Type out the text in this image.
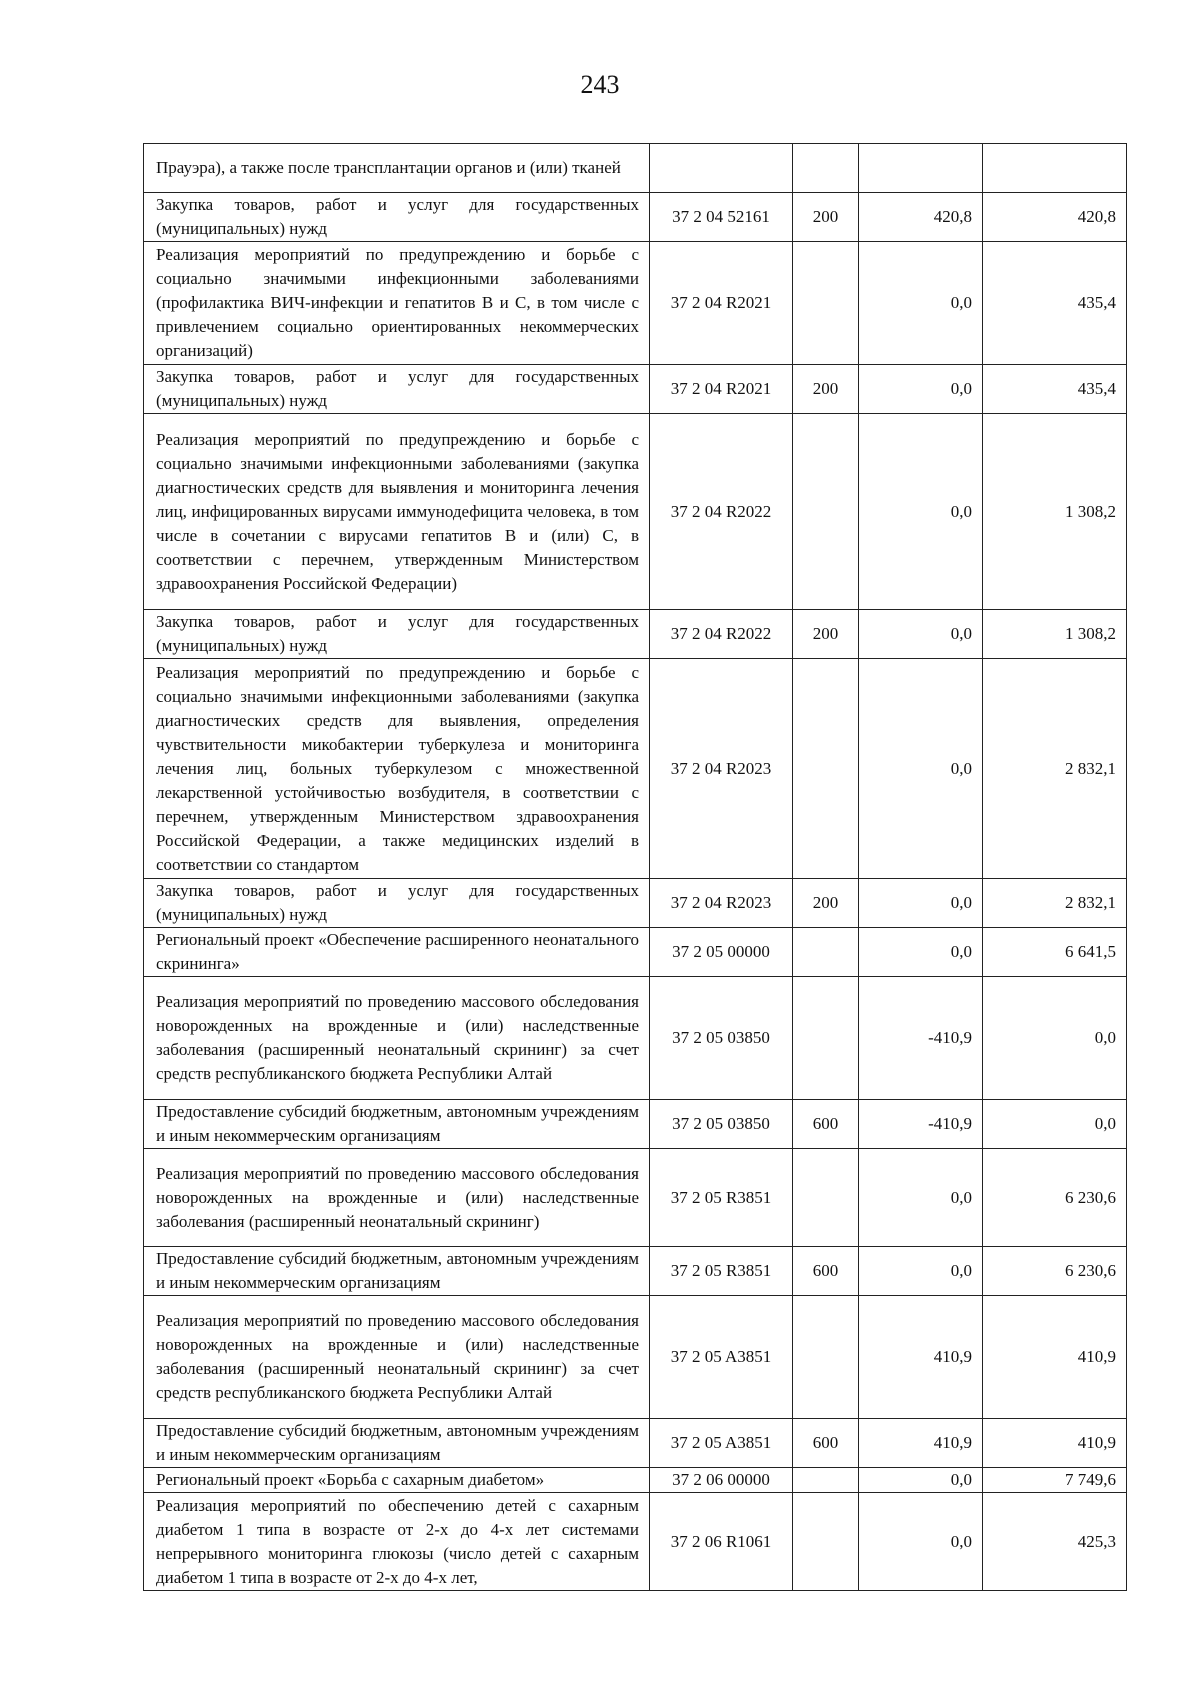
243
Прауэра), а также после трансплантации органов и (или) тканей				
Закупка товаров, работ и услуг для государственных (муниципальных) нужд	37 2 04 52161	200	420,8	420,8
Реализация мероприятий по предупреждению и борьбе с социально значимыми инфекционными заболеваниями (профилактика ВИЧ-инфекции и гепатитов В и С, в том числе с привлечением социально ориентированных некоммерческих организаций)	37 2 04 R2021		0,0	435,4
Закупка товаров, работ и услуг для государственных (муниципальных) нужд	37 2 04 R2021	200	0,0	435,4
Реализация мероприятий по предупреждению и борьбе с социально значимыми инфекционными заболеваниями (закупка диагностических средств для выявления и мониторинга лечения лиц, инфицированных вирусами иммунодефицита человека, в том числе в сочетании с вирусами гепатитов В и (или) С, в соответствии с перечнем, утвержденным Министерством здравоохранения Российской Федерации)	37 2 04 R2022		0,0	1 308,2
Закупка товаров, работ и услуг для государственных (муниципальных) нужд	37 2 04 R2022	200	0,0	1 308,2
Реализация мероприятий по предупреждению и борьбе с социально значимыми инфекционными заболеваниями (закупка диагностических средств для выявления, определения чувствительности микобактерии туберкулеза и мониторинга лечения лиц, больных туберкулезом с множественной лекарственной устойчивостью возбудителя, в соответствии с перечнем, утвержденным Министерством здравоохранения Российской Федерации, а также медицинских изделий в соответствии со стандартом	37 2 04 R2023		0,0	2 832,1
Закупка товаров, работ и услуг для государственных (муниципальных) нужд	37 2 04 R2023	200	0,0	2 832,1
Региональный проект «Обеспечение расширенного неонатального скрининга»	37 2 05 00000		0,0	6 641,5
Реализация мероприятий по проведению массового обследования новорожденных на врожденные и (или) наследственные заболевания (расширенный неонатальный скрининг) за счет средств республиканского бюджета Республики Алтай	37 2 05 03850		-410,9	0,0
Предоставление субсидий бюджетным, автономным учреждениям и иным некоммерческим организациям	37 2 05 03850	600	-410,9	0,0
Реализация мероприятий по проведению массового обследования новорожденных на врожденные и (или) наследственные заболевания (расширенный неонатальный скрининг)	37 2 05 R3851		0,0	6 230,6
Предоставление субсидий бюджетным, автономным учреждениям и иным некоммерческим организациям	37 2 05 R3851	600	0,0	6 230,6
Реализация мероприятий по проведению массового обследования новорожденных на врожденные и (или) наследственные заболевания (расширенный неонатальный скрининг) за счет средств республиканского бюджета Республики Алтай	37 2 05 A3851		410,9	410,9
Предоставление субсидий бюджетным, автономным учреждениям и иным некоммерческим организациям	37 2 05 A3851	600	410,9	410,9
Региональный проект «Борьба с сахарным диабетом»	37 2 06 00000		0,0	7 749,6
Реализация мероприятий по обеспечению детей с сахарным диабетом 1 типа в возрасте от 2-х до 4-х лет системами непрерывного мониторинга глюкозы (число детей с сахарным диабетом 1 типа в возрасте от 2-х до 4-х лет,	37 2 06 R1061		0,0	425,3
